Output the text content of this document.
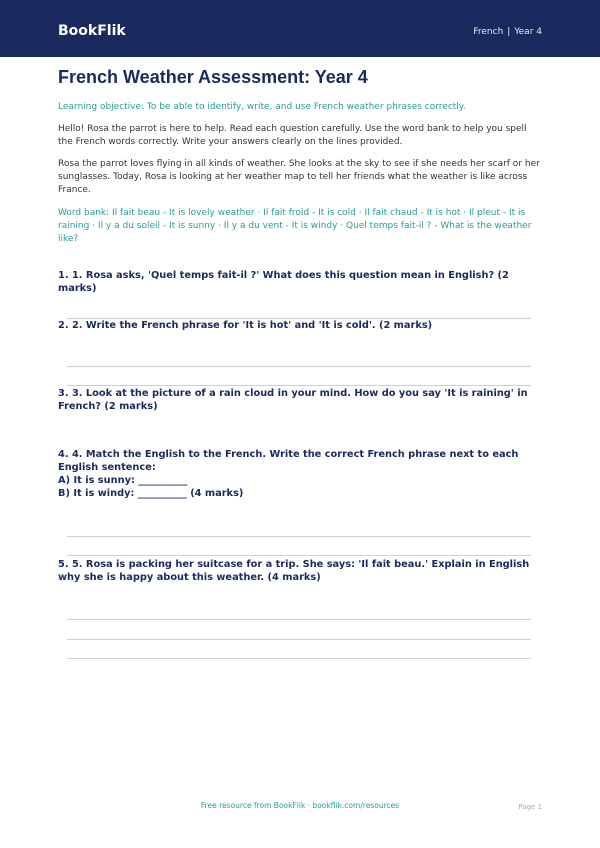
BookFlik	French | Year 4
French Weather Assessment: Year 4
Learning objective: To be able to identify, write, and use French weather phrases correctly.
Hello! Rosa the parrot is here to help. Read each question carefully. Use the word bank to help you spell the French words correctly. Write your answers clearly on the lines provided.
Rosa the parrot loves flying in all kinds of weather. She looks at the sky to see if she needs her scarf or her sunglasses. Today, Rosa is looking at her weather map to tell her friends what the weather is like across France.
Word bank: Il fait beau - It is lovely weather · Il fait froid - It is cold · Il fait chaud - It is hot · Il pleut - It is raining · Il y a du soleil - It is sunny · Il y a du vent - It is windy · Quel temps fait-il ? - What is the weather like?
1. 1. Rosa asks, 'Quel temps fait-il ?' What does this question mean in English? (2 marks)
2. 2. Write the French phrase for 'It is hot' and 'It is cold'. (2 marks)
3. 3. Look at the picture of a rain cloud in your mind. How do you say 'It is raining' in French? (2 marks)
4. 4. Match the English to the French. Write the correct French phrase next to each English sentence:
A) It is sunny: __________
B) It is windy: __________ (4 marks)
5. 5. Rosa is packing her suitcase for a trip. She says: 'Il fait beau.' Explain in English why she is happy about this weather. (4 marks)
Free resource from BookFlik · bookflik.com/resources	Page 1
